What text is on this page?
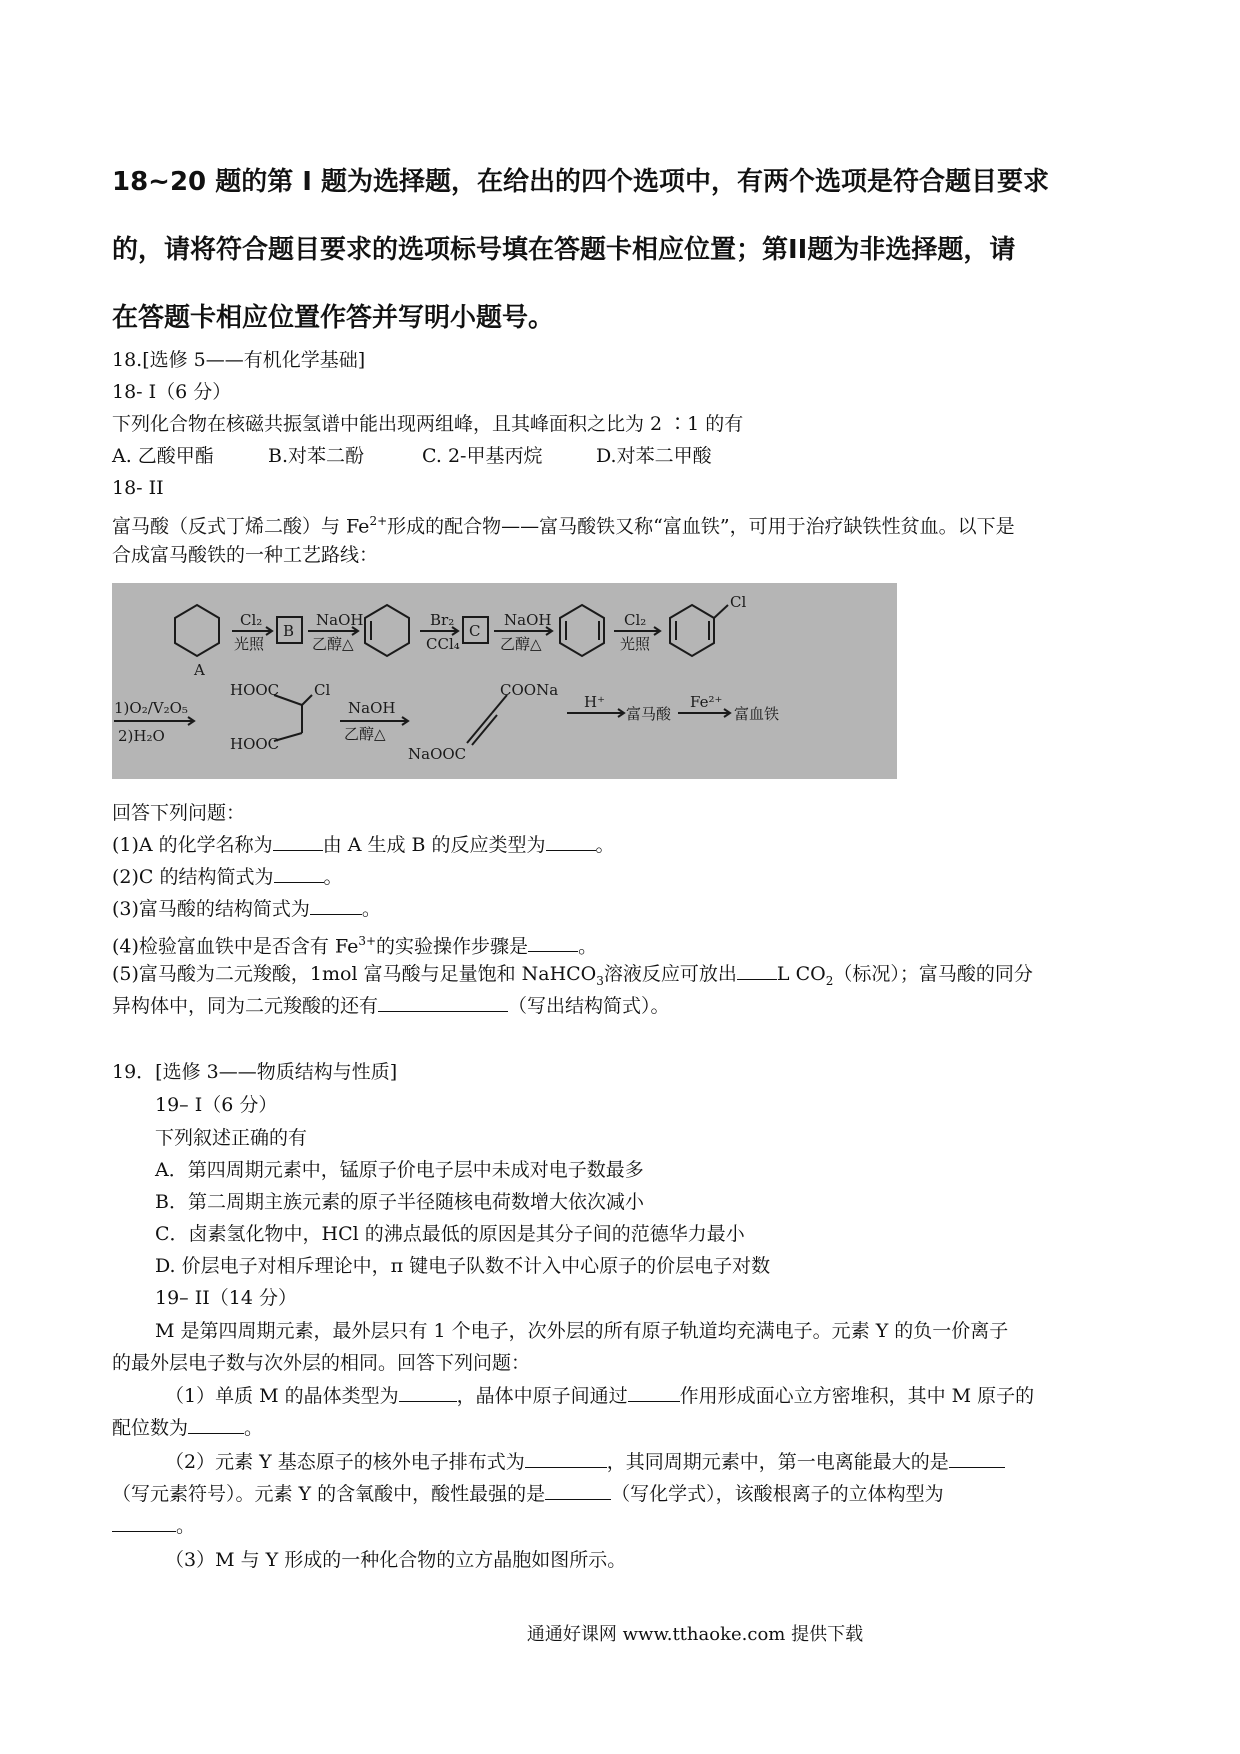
18~20 题的第 I 题为选择题，在给出的四个选项中，有两个选项是符合题目要求

的，请将符合题目要求的选项标号填在答题卡相应位置；第II题为非选择题，请

在答题卡相应位置作答并写明小题号。

18.[选修 5——有机化学基础]
18- I（6 分）
下列化合物在核磁共振氢谱中能出现两组峰，且其峰面积之比为 2 ∶1 的有
A. 乙酸甲酯	B.对苯二酚	C. 2-甲基丙烷	D.对苯二甲酸
18- II
富马酸（反式丁烯二酸）与 $Fe^{2+}$形成的配合物——富马酸铁又称“富血铁”，可用于治疗缺铁性贫血。以下是
合成富马酸铁的一种工艺路线：
A
Cl₂
光照
B
NaOH
乙醇△
Br₂
CCl₄
C
NaOH
乙醇△
Cl₂
光照
Cl
1)O₂/V₂O₅
2)H₂O
HOOC Cl
HOOC
NaOH
乙醇△
COONa
NaOOC
H⁺
富马酸
Fe²⁺
富血铁
回答下列问题：
(1)A 的化学名称为	由 A 生成 B 的反应类型为	。
(2)C 的结构简式为	。
(3)富马酸的结构简式为	。
(4)检验富血铁中是否含有 $Fe^{3+}$的实验操作步骤是	。
(5)富马酸为二元羧酸，1mol 富马酸与足量饱和 NaHCO$_3$溶液反应可放出 L $CO_2$（标况）；富马酸的同分
异构体中，同为二元羧酸的还有	（写出结构简式）。
19．[选修 3——物质结构与性质]
19– I（6 分）
下列叙述正确的有
A．第四周期元素中，锰原子价电子层中未成对电子数最多
B．第二周期主族元素的原子半径随核电荷数增大依次减小
C．卤素氢化物中，HCl 的沸点最低的原因是其分子间的范德华力最小
D. 价层电子对相斥理论中，π 键电子队数不计入中心原子的价层电子对数
19– II（14 分）
M 是第四周期元素，最外层只有 1 个电子，次外层的所有原子轨道均充满电子。元素 Y 的负一价离子
的最外层电子数与次外层的相同。回答下列问题：
（1）单质 M 的晶体类型为	，晶体中原子间通过	作用形成面心立方密堆积，其中 M 原子的
配位数为	。
（2）元素 Y 基态原子的核外电子排布式为	，其同周期元素中，第一电离能最大的是
（写元素符号）。元素 Y 的含氧酸中，酸性最强的是	（写化学式），该酸根离子的立体构型为
。
（3）M 与 Y 形成的一种化合物的立方晶胞如图所示。
通通好课网 www.tthaoke.com 提供下载
